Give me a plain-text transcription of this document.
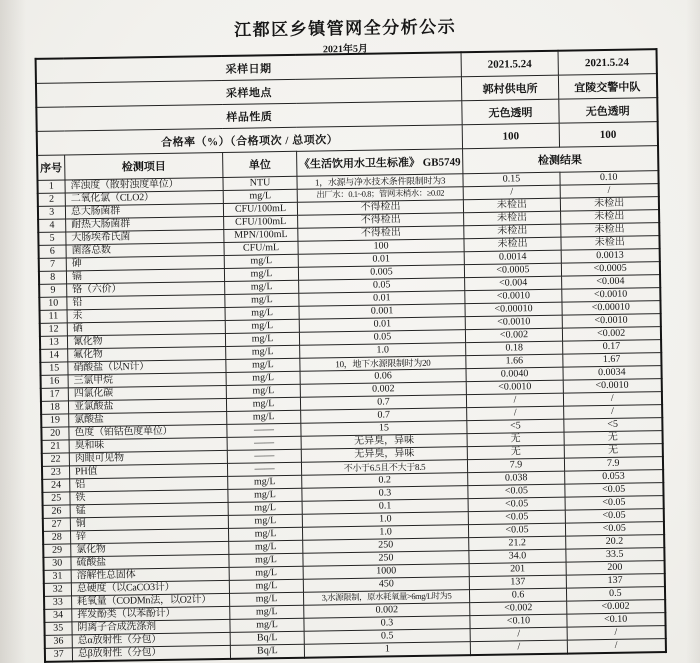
江都区乡镇管网全分析公示
2021年5月
采样日期				2021.5.24	2021.5.24
采样地点				郭村供电所	宜陵交警中队
样品性质				无色透明	无色透明
合格率（%）（合格项次 / 总项次）				100	100
序号	检测项目	单位	《生活饮用水卫生标准》 GB5749	检测结果	
1	浑浊度（散射浊度单位）	NTU	1，水源与净水技术条件限制时为3	0.15	0.10
2	二氧化氯（CLO2）	mg/L	出厂水：0.1~0.8；管网末梢水：≥0.02	/	/
3	总大肠菌群	CFU/100mL	不得检出	未检出	未检出
4	耐热大肠菌群	CFU/100mL	不得检出	未检出	未检出
5	大肠埃希氏菌	MPN/100mL	不得检出	未检出	未检出
6	菌落总数	CFU/mL	100	未检出	未检出
7	砷	mg/L	0.01	0.0014	0.0013
8	镉	mg/L	0.005	<0.0005	<0.0005
9	铬（六价）	mg/L	0.05	<0.004	<0.004
10	铅	mg/L	0.01	<0.0010	<0.0010
11	汞	mg/L	0.001	<0.00010	<0.00010
12	硒	mg/L	0.01	<0.0010	<0.0010
13	氰化物	mg/L	0.05	<0.002	<0.002
14	氟化物	mg/L	1.0	0.18	0.17
15	硝酸盐（以N计）	mg/L	10，地下水源限制时为20	1.66	1.67
16	三氯甲烷	mg/L	0.06	0.0040	0.0034
17	四氯化碳	mg/L	0.002	<0.0010	<0.0010
18	亚氯酸盐	mg/L	0.7	/	/
19	氯酸盐	mg/L	0.7	/	/
20	色度（铂钴色度单位）	——	15	<5	<5
21	臭和味	——	无异臭，异味	无	无
22	肉眼可见物	——	无异臭，异味	无	无
23	PH值	——	不小于6.5且不大于8.5	7.9	7.9
24	铝	mg/L	0.2	0.038	0.053
25	铁	mg/L	0.3	<0.05	<0.05
26	锰	mg/L	0.1	<0.05	<0.05
27	铜	mg/L	1.0	<0.05	<0.05
28	锌	mg/L	1.0	<0.05	<0.05
29	氯化物	mg/L	250	21.2	20.2
30	硫酸盐	mg/L	250	34.0	33.5
31	溶解性总固体	mg/L	1000	201	200
32	总硬度（以CaCO3计）	mg/L	450	137	137
33	耗氧量（CODMn法，以O2计）	mg/L	3,水源限制，原水耗氧量>6mg/L时为5	0.6	0.5
34	挥发酚类（以苯酚计）	mg/L	0.002	<0.002	<0.002
35	阴离子合成洗涤剂	mg/L	0.3	<0.10	<0.10
36	总α放射性（分包）	Bq/L	0.5	/	/
37	总β放射性（分包）	Bq/L	1	/	/
